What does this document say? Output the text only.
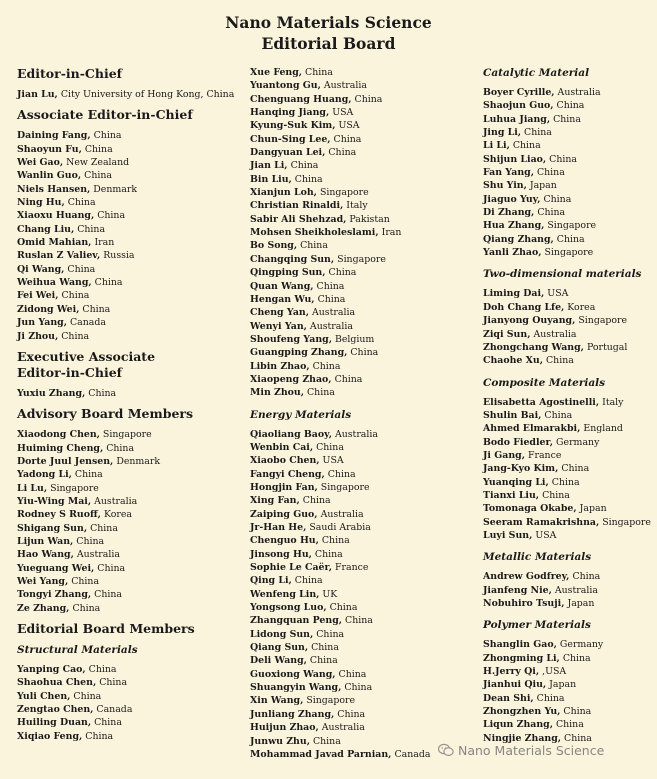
Nano Materials Science
Editorial Board
Editor-in-Chief
Jian Lu, City University of Hong Kong, China
Associate Editor-in-Chief
Daining Fang, China
Shaoyun Fu, China
Wei Gao, New Zealand
Wanlin Guo, China
Niels Hansen, Denmark
Ning Hu, China
Xiaoxu Huang, China
Chang Liu, China
Omid Mahian, Iran
Ruslan Z Valiev, Russia
Qi Wang, China
Weihua Wang, China
Fei Wei, China
Zidong Wei, China
Jun Yang, Canada
Ji Zhou, China
Executive Associate
Editor-in-Chief
Yuxiu Zhang, China
Advisory Board Members
Xiaodong Chen, Singapore
Huiming Cheng, China
Dorte Juul Jensen, Denmark
Yadong Li, China
Li Lu, Singapore
Yiu-Wing Mai, Australia
Rodney S Ruoff, Korea
Shigang Sun, China
Lijun Wan, China
Hao Wang, Australia
Yueguang Wei, China
Wei Yang, China
Tongyi Zhang, China
Ze Zhang, China
Editorial Board Members
Structural Materials
Yanping Cao, China
Shaohua Chen, China
Yuli Chen, China
Zengtao Chen, Canada
Huiling Duan, China
Xiqiao Feng, China
Xue Feng, China
Yuantong Gu, Australia
Chenguang Huang, China
Hanqing Jiang, USA
Kyung-Suk Kim, USA
Chun-Sing Lee, China
Dangyuan Lei, China
Jian Li, China
Bin Liu, China
Xianjun Loh, Singapore
Christian Rinaldi, Italy
Sabir Ali Shehzad, Pakistan
Mohsen Sheikholeslami, Iran
Bo Song, China
Changqing Sun, Singapore
Qingping Sun, China
Quan Wang, China
Hengan Wu, China
Cheng Yan, Australia
Wenyi Yan, Australia
Shoufeng Yang, Belgium
Guangping Zhang, China
Libin Zhao, China
Xiaopeng Zhao, China
Min Zhou, China
Energy Materials
Qiaoliang Baoy, Australia
Wenbin Cai, China
Xiaobo Chen, USA
Fangyi Cheng, China
Hongjin Fan, Singapore
Xing Fan, China
Zaiping Guo, Australia
Jr-Han He, Saudi Arabia
Chenguo Hu, China
Jinsong Hu, China
Sophie Le Caër, France
Qing Li, China
Wenfeng Lin, UK
Yongsong Luo, China
Zhangquan Peng, China
Lidong Sun, China
Qiang Sun, China
Deli Wang, China
Guoxiong Wang, China
Shuangyin Wang, China
Xin Wang, Singapore
Junliang Zhang, China
Huijun Zhao, Australia
Junwu Zhu, China
Mohammad Javad Parnian, Canada
Catalytic Material
Boyer Cyrille, Australia
Shaojun Guo, China
Luhua Jiang, China
Jing Li, China
Li Li, China
Shijun Liao, China
Fan Yang, China
Shu Yin, Japan
Jiaguo Yuy, China
Di Zhang, China
Hua Zhang, Singapore
Qiang Zhang, China
Yanli Zhao, Singapore
Two-dimensional materials
Liming Dai, USA
Doh Chang Lfe, Korea
Jianyong Ouyang, Singapore
Ziqi Sun, Australia
Zhongchang Wang, Portugal
Chaohe Xu, China
Composite Materials
Elisabetta Agostinelli, Italy
Shulin Bai, China
Ahmed Elmarakbi, England
Bodo Fiedler, Germany
Ji Gang, France
Jang-Kyo Kim, China
Yuanqing Li, China
Tianxi Liu, China
Tomonaga Okabe, Japan
Seeram Ramakrishna, Singapore
Luyi Sun, USA
Metallic Materials
Andrew Godfrey, China
Jianfeng Nie, Australia
Nobuhiro Tsuji, Japan
Polymer Materials
Shanglin Gao, Germany
Zhongming Li, China
H.Jerry Qi, ,USA
Jianhui Qiu, Japan
Dean Shi, China
Zhongzhen Yu, China
Liqun Zhang, China
Ningjie Zhang, China
Nano Materials Science
